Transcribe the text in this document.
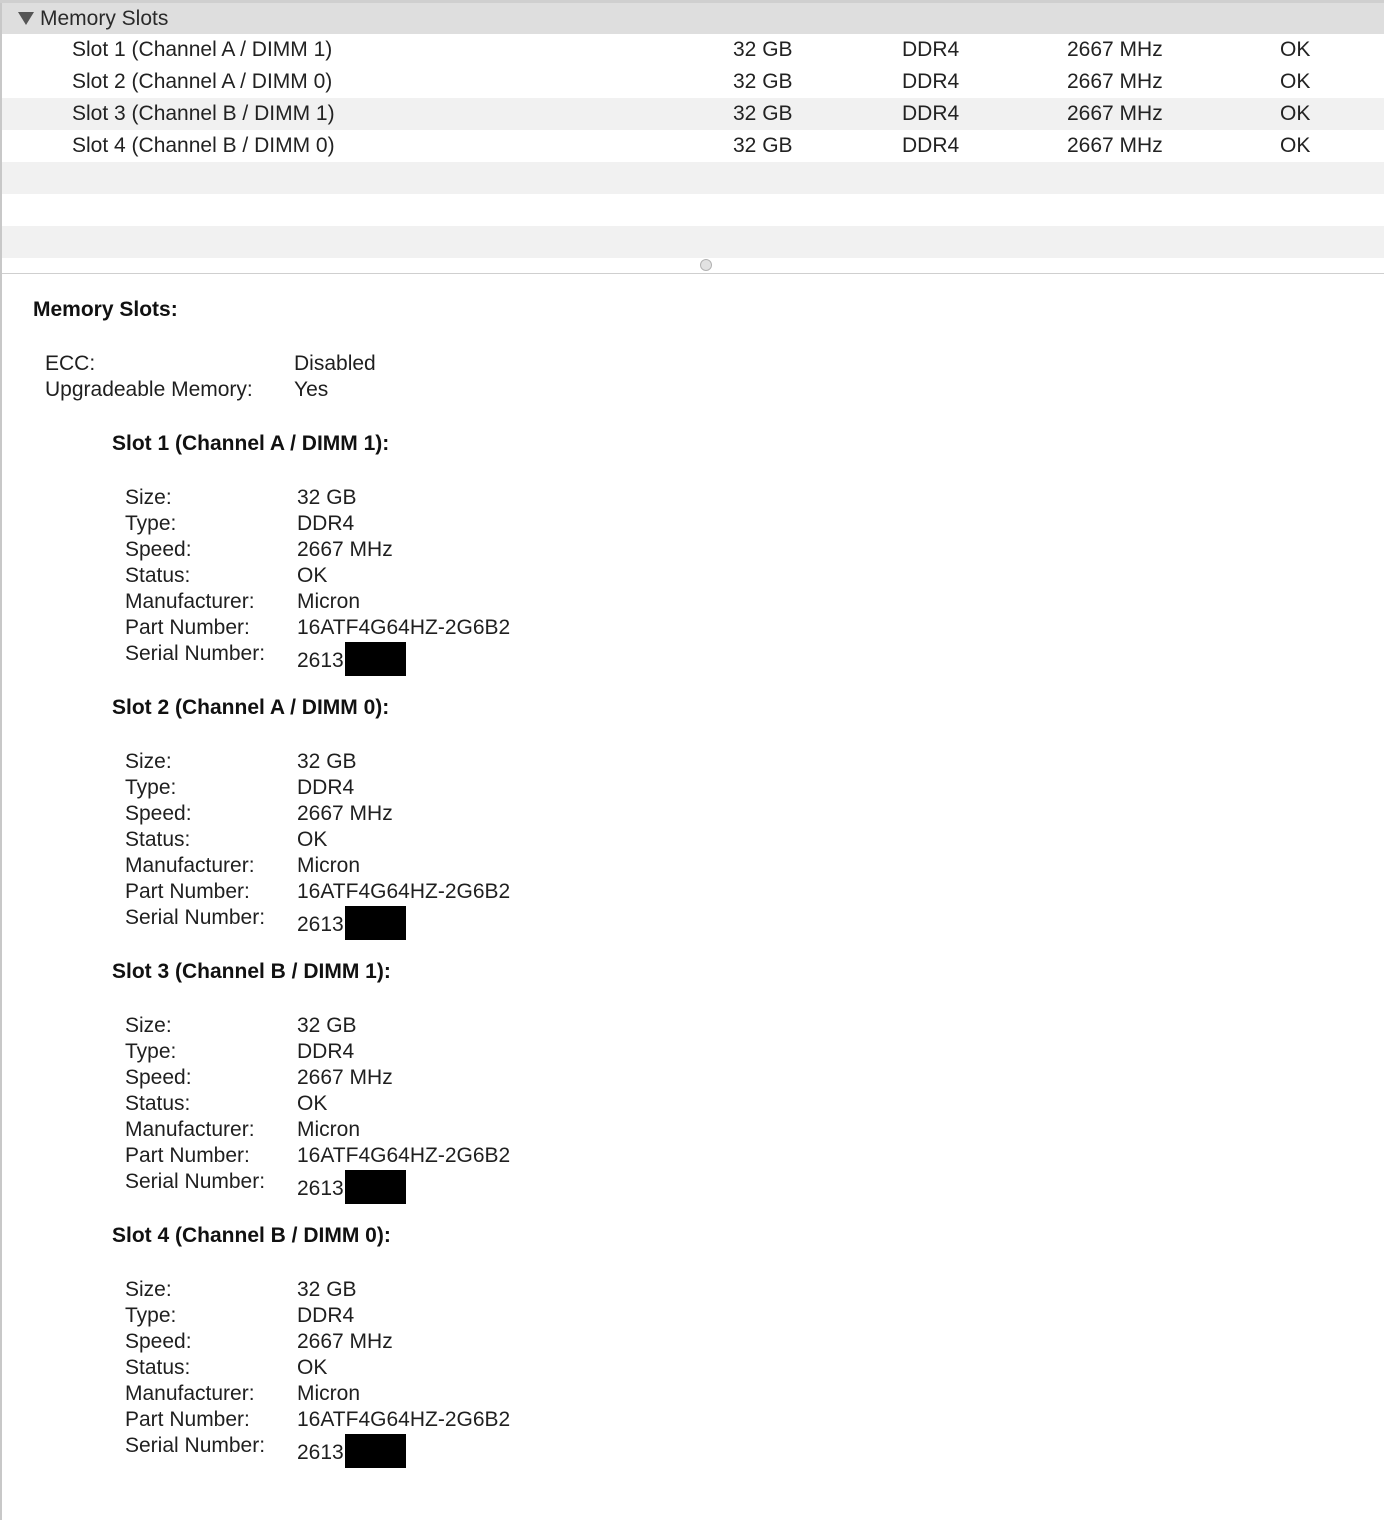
Memory Slots
Slot 1 (Channel A / DIMM 1)	32 GB	DDR4	2667 MHz	OK
Slot 2 (Channel A / DIMM 0)	32 GB	DDR4	2667 MHz	OK
Slot 3 (Channel B / DIMM 1)	32 GB	DDR4	2667 MHz	OK
Slot 4 (Channel B / DIMM 0)	32 GB	DDR4	2667 MHz	OK
Memory Slots:
ECC:	Disabled
Upgradeable Memory: Yes
Slot 1 (Channel A / DIMM 1):
Size:	32 GB
Type:	DDR4
Speed:	2667 MHz
Status:	OK
Manufacturer: Micron
Part Number: 16ATF4G64HZ-2G6B2
Serial Number: 2613
Slot 2 (Channel A / DIMM 0):
Size:	32 GB
Type:	DDR4
Speed:	2667 MHz
Status:	OK
Manufacturer: Micron
Part Number: 16ATF4G64HZ-2G6B2
Serial Number: 2613
Slot 3 (Channel B / DIMM 1):
Size:	32 GB
Type:	DDR4
Speed:	2667 MHz
Status:	OK
Manufacturer: Micron
Part Number: 16ATF4G64HZ-2G6B2
Serial Number: 2613
Slot 4 (Channel B / DIMM 0):
Size:	32 GB
Type:	DDR4
Speed:	2667 MHz
Status:	OK
Manufacturer: Micron
Part Number: 16ATF4G64HZ-2G6B2
Serial Number: 2613
